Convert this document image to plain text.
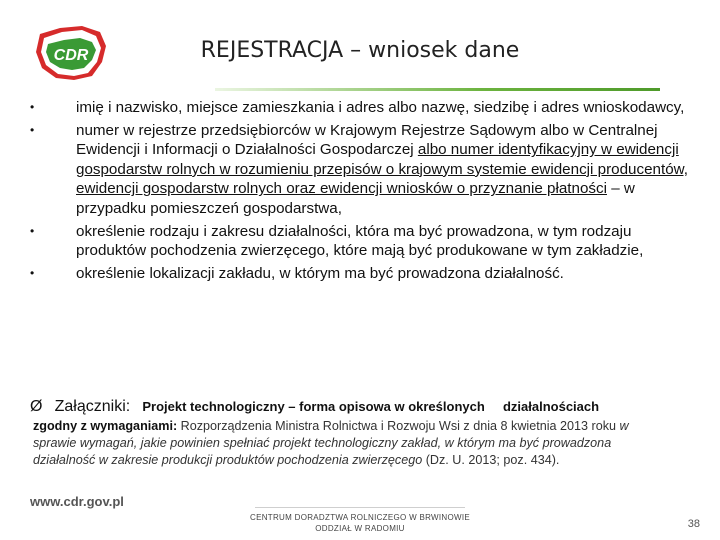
CDR	REJESTRACJA – wniosek dane
•	imię i nazwisko, miejsce zamieszkania i adres albo nazwę, siedzibę i adres wnioskodawcy,
•	numer w rejestrze przedsiębiorców w Krajowym Rejestrze Sądowym albo w Centralnej Ewidencji i Informacji o Działalności Gospodarczej albo numer identyfikacyjny w ewidencji gospodarstw rolnych w rozumieniu przepisów o krajowym systemie ewidencji producentów, ewidencji gospodarstw rolnych oraz ewidencji wniosków o przyznanie płatności – w przypadku pomieszczeń gospodarstwa,
•	określenie rodzaju i zakresu działalności, która ma być prowadzona, w tym rodzaju produktów pochodzenia zwierzęcego, które mają być produkowane w tym zakładzie,
•	określenie lokalizacji zakładu, w którym ma być prowadzona działalność.
Ø Załączniki: Projekt technologiczny – forma opisowa w określonych działalnościach
zgodny z wymaganiami: Rozporządzenia Ministra Rolnictwa i Rozwoju Wsi z dnia 8 kwietnia 2013 roku w sprawie wymagań, jakie powinien spełniać projekt technologiczny zakład, w którym ma być prowadzona działalność w zakresie produkcji produktów pochodzenia zwierzęcego (Dz. U. 2013; poz. 434).
www.cdr.gov.pl
CENTRUM DORADZTWA ROLNICZEGO W BRWINOWIE
ODDZIAŁ W RADOMIU	38
